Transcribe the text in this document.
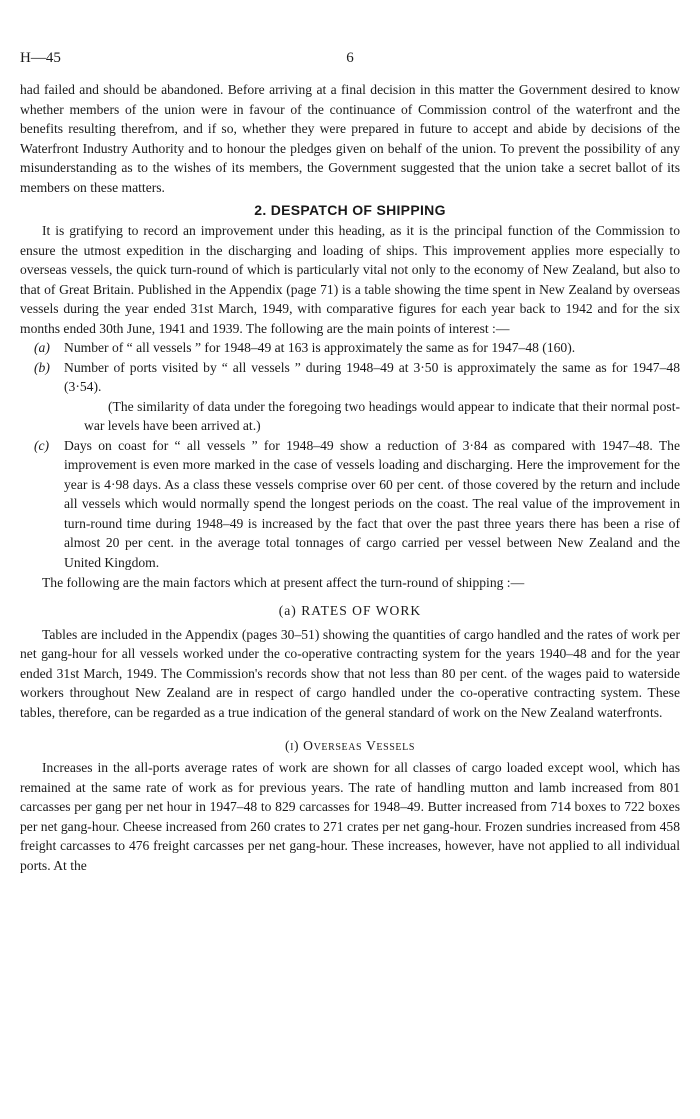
H—45	6

had failed and should be abandoned. Before arriving at a final decision in this matter the Government desired to know whether members of the union were in favour of the continuance of Commission control of the waterfront and the benefits resulting therefrom, and if so, whether they were prepared in future to accept and abide by decisions of the Waterfront Industry Authority and to honour the pledges given on behalf of the union. To prevent the possibility of any misunderstanding as to the wishes of its members, the Government suggested that the union take a secret ballot of its members on these matters.

2. DESPATCH OF SHIPPING

It is gratifying to record an improvement under this heading, as it is the principal function of the Commission to ensure the utmost expedition in the discharging and loading of ships. This improvement applies more especially to overseas vessels, the quick turn-round of which is particularly vital not only to the economy of New Zealand, but also to that of Great Britain. Published in the Appendix (page 71) is a table showing the time spent in New Zealand by overseas vessels during the year ended 31st March, 1949, with comparative figures for each year back to 1942 and for the six months ended 30th June, 1941 and 1939. The following are the main points of interest :—

(a) Number of “ all vessels ” for 1948–49 at 163 is approximately the same as for 1947–48 (160).

(b) Number of ports visited by “ all vessels ” during 1948–49 at 3·50 is approximately the same as for 1947–48 (3·54).

(The similarity of data under the foregoing two headings would appear to indicate that their normal post-war levels have been arrived at.)

(c) Days on coast for “ all vessels ” for 1948–49 show a reduction of 3·84 as compared with 1947–48. The improvement is even more marked in the case of vessels loading and discharging. Here the improvement for the year is 4·98 days. As a class these vessels comprise over 60 per cent. of those covered by the return and include all vessels which would normally spend the longest periods on the coast. The real value of the improvement in turn-round time during 1948–49 is increased by the fact that over the past three years there has been a rise of almost 20 per cent. in the average total tonnages of cargo carried per vessel between New Zealand and the United Kingdom.

The following are the main factors which at present affect the turn-round of shipping :—

(a) RATES OF WORK

Tables are included in the Appendix (pages 30–51) showing the quantities of cargo handled and the rates of work per net gang-hour for all vessels worked under the co-operative contracting system for the years 1940–48 and for the year ended 31st March, 1949. The Commission's records show that not less than 80 per cent. of the wages paid to waterside workers throughout New Zealand are in respect of cargo handled under the co-operative contracting system. These tables, therefore, can be regarded as a true indication of the general standard of work on the New Zealand waterfronts.

(i) Overseas Vessels

Increases in the all-ports average rates of work are shown for all classes of cargo loaded except wool, which has remained at the same rate of work as for previous years. The rate of handling mutton and lamb increased from 801 carcasses per gang per net hour in 1947–48 to 829 carcasses for 1948–49. Butter increased from 714 boxes to 722 boxes per net gang-hour. Cheese increased from 260 crates to 271 crates per net gang-hour. Frozen sundries increased from 458 freight carcasses to 476 freight carcasses per net gang-hour. These increases, however, have not applied to all individual ports. At the
